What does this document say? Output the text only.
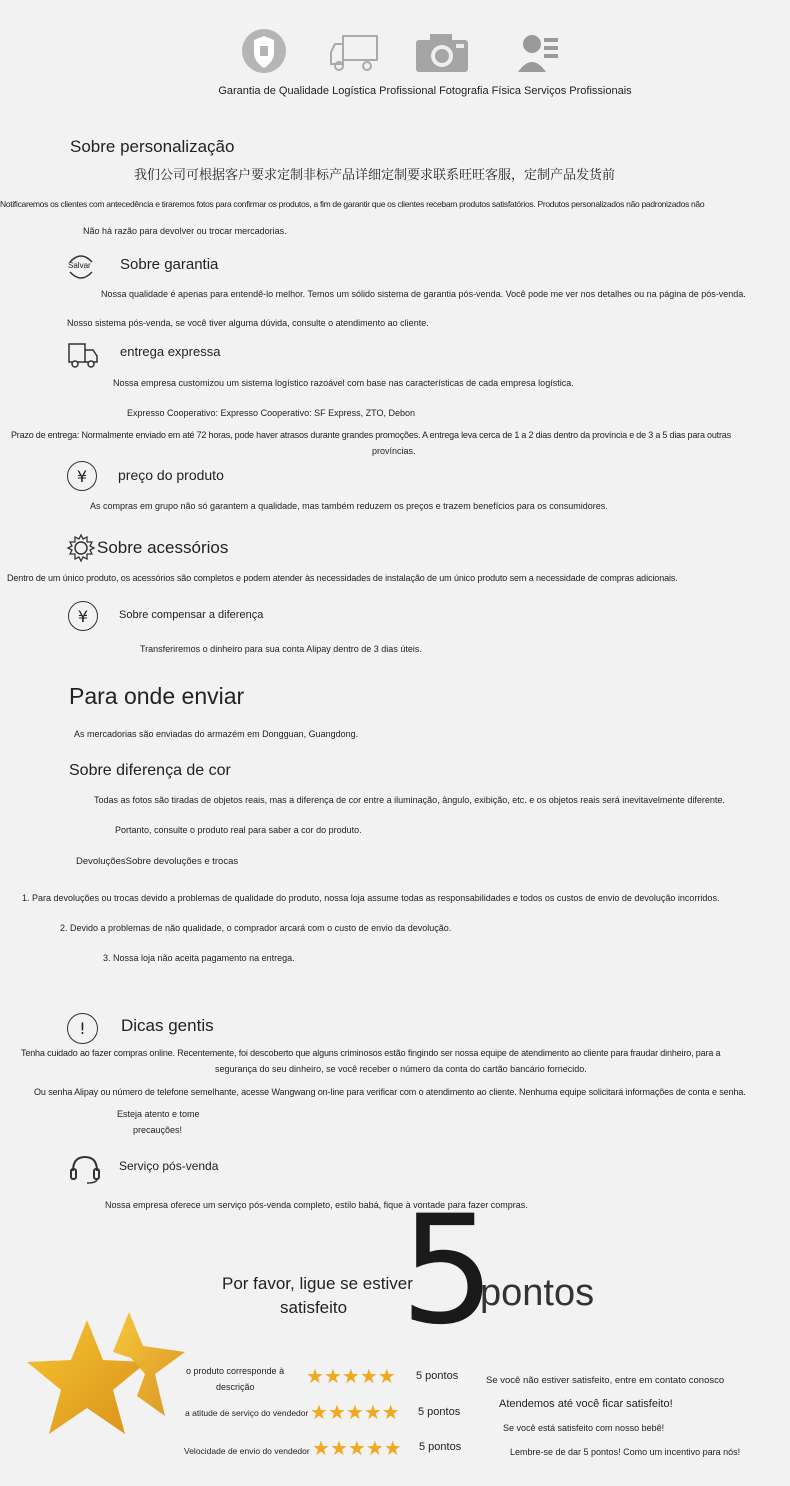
Garantia de Qualidade Logística Profissional Fotografia Física Serviços Profissionais
Sobre personalização
我们公司可根据客户要求定制非标产品详细定制要求联系旺旺客服，定制产品发货前
Notificaremos os clientes com antecedência e tiraremos fotos para confirmar os produtos, a fim de garantir que os clientes recebam produtos satisfatórios. Produtos personalizados não padronizados não
Não há razão para devolver ou trocar mercadorias.
Salvar Sobre garantia
Nossa qualidade é apenas para entendê-lo melhor. Temos um sólido sistema de garantia pós-venda. Você pode me ver nos detalhes ou na página de pós-venda.
Nosso sistema pós-venda, se você tiver alguma dúvida, consulte o atendimento ao cliente.
entrega expressa
Nossa empresa customizou um sistema logístico razoável com base nas características de cada empresa logística.
Expresso Cooperativo: Expresso Cooperativo: SF Express, ZTO, Debon
Prazo de entrega: Normalmente enviado em até 72 horas, pode haver atrasos durante grandes promoções. A entrega leva cerca de 1 a 2 dias dentro da província e de 3 a 5 dias para outras
províncias.
¥	preço do produto
As compras em grupo não só garantem a qualidade, mas também reduzem os preços e trazem benefícios para os consumidores.
Sobre acessórios
Dentro de um único produto, os acessórios são completos e podem atender às necessidades de instalação de um único produto sem a necessidade de compras adicionais.
¥	Sobre compensar a diferença
Transferiremos o dinheiro para sua conta Alipay dentro de 3 dias úteis.
Para onde enviar
As mercadorias são enviadas do armazém em Dongguan, Guangdong.
Sobre diferença de cor
Todas as fotos são tiradas de objetos reais, mas a diferença de cor entre a iluminação, ângulo, exibição, etc. e os objetos reais será inevitavelmente diferente.
Portanto, consulte o produto real para saber a cor do produto.
DevoluçõesSobre devoluções e trocas
1. Para devoluções ou trocas devido a problemas de qualidade do produto, nossa loja assume todas as responsabilidades e todos os custos de envio de devolução incorridos.
2. Devido a problemas de não qualidade, o comprador arcará com o custo de envio da devolução.
3. Nossa loja não aceita pagamento na entrega.
!	Dicas gentis
Tenha cuidado ao fazer compras online. Recentemente, foi descoberto que alguns criminosos estão fingindo ser nossa equipe de atendimento ao cliente para fraudar dinheiro, para a
segurança do seu dinheiro, se você receber o número da conta do cartão bancário fornecido.
Ou senha Alipay ou número de telefone semelhante, acesse Wangwang on-line para verificar com o atendimento ao cliente. Nenhuma equipe solicitará informações de conta e senha.
Esteja atento e tome
precauções!
Serviço pós-venda
Nossa empresa oferece um serviço pós-venda completo, estilo babá, fique à vontade para fazer compras.
Por favor, ligue se estiver
satisfeito 5
pontos
o produto corresponde à
descrição	★ ★ ★ ★ ★ 5 pontos
a atitude de serviço do vendedor ★ ★ ★ ★ ★ 5 pontos
Velocidade de envio do vendedor ★ ★ ★ ★ ★ 5 pontos
Se você não estiver satisfeito, entre em contato conosco
Atendemos até você ficar satisfeito!
Se você está satisfeito com nosso bebê!
Lembre-se de dar 5 pontos! Como um incentivo para nós!
